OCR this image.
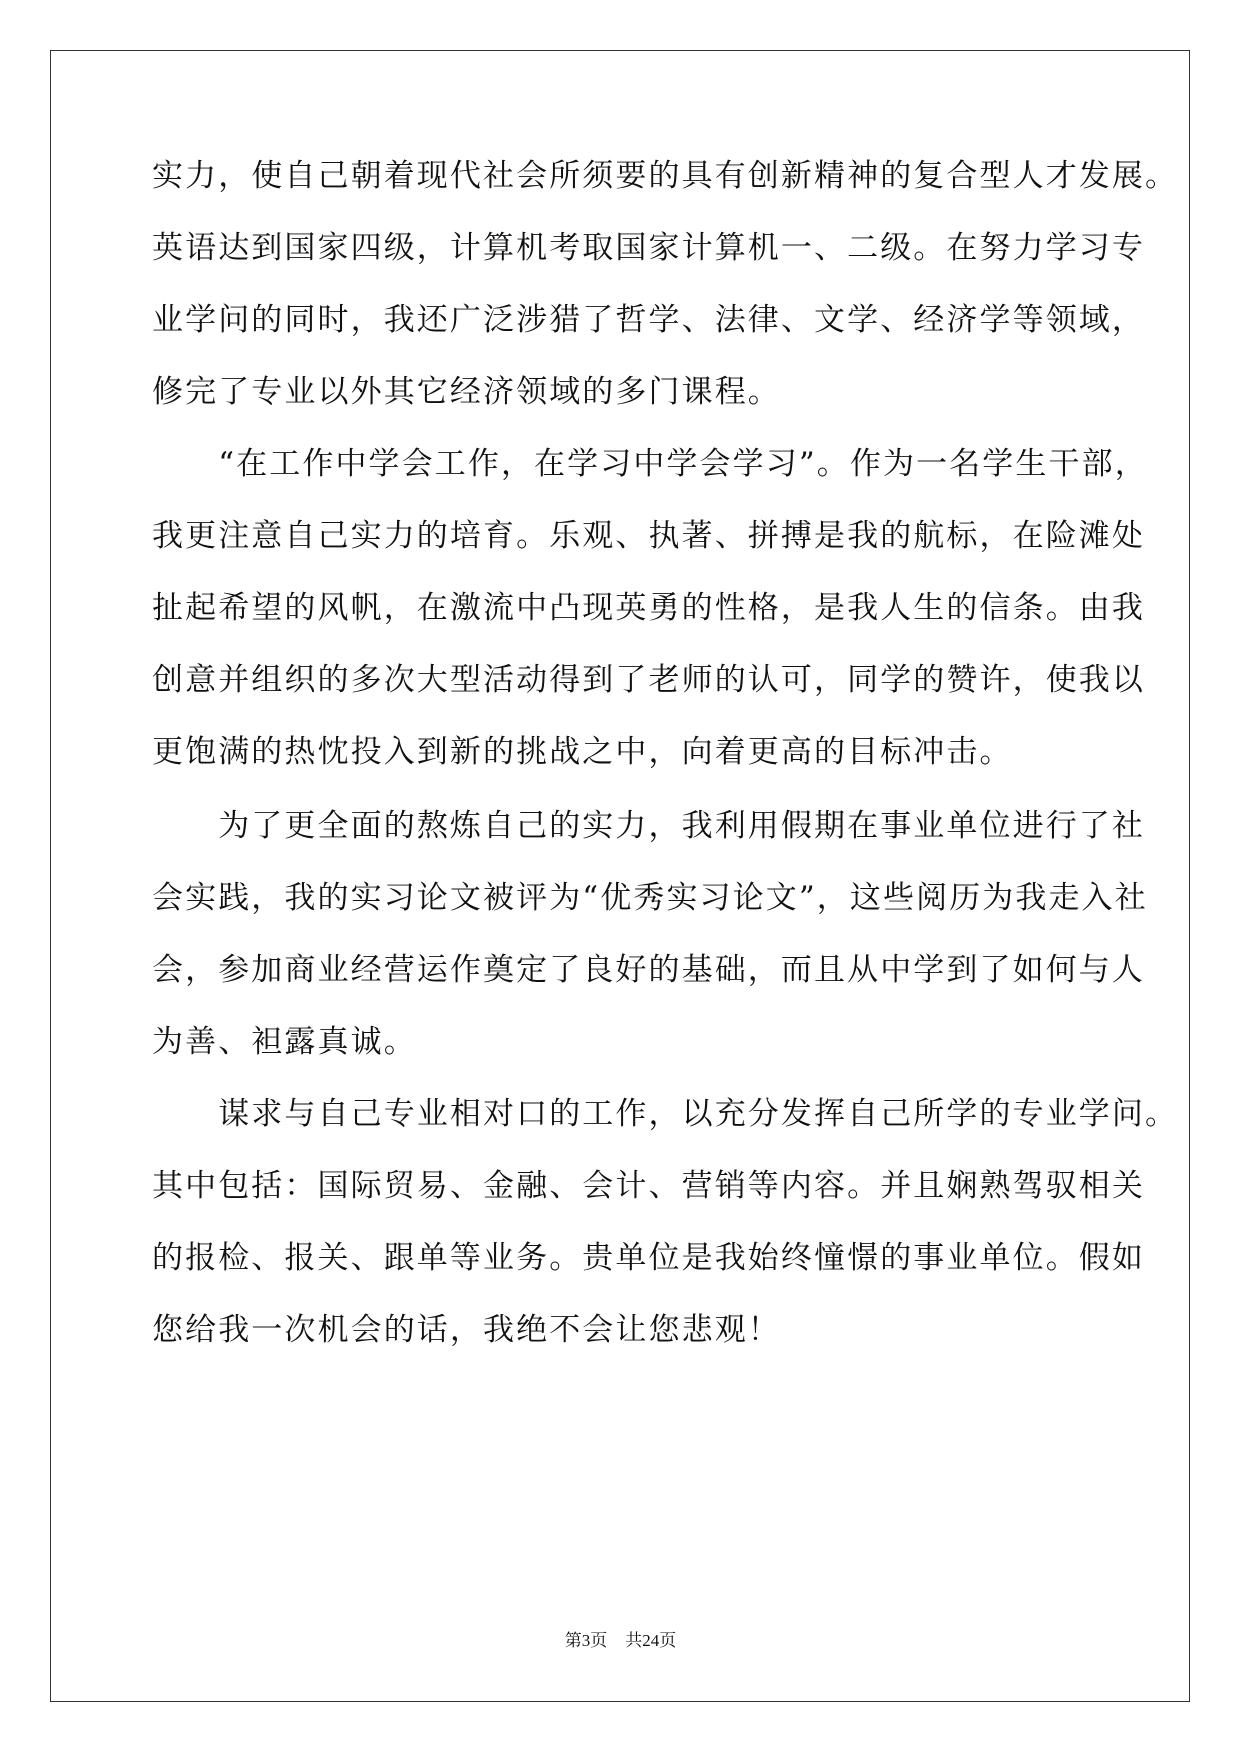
实力，使自己朝着现代社会所须要的具有创新精神的复合型人才发展。
英语达到国家四级，计算机考取国家计算机一、二级。在努力学习专
业学问的同时，我还广泛涉猎了哲学、法律、文学、经济学等领域，
修完了专业以外其它经济领域的多门课程。
　　“在工作中学会工作，在学习中学会学习”。作为一名学生干部，
我更注意自己实力的培育。乐观、执著、拼搏是我的航标，在险滩处
扯起希望的风帆，在激流中凸现英勇的性格，是我人生的信条。由我
创意并组织的多次大型活动得到了老师的认可，同学的赞许，使我以
更饱满的热忱投入到新的挑战之中，向着更高的目标冲击。
　　为了更全面的熬炼自己的实力，我利用假期在事业单位进行了社
会实践，我的实习论文被评为“优秀实习论文”，这些阅历为我走入社
会，参加商业经营运作奠定了良好的基础，而且从中学到了如何与人
为善、袒露真诚。
　　谋求与自己专业相对口的工作，以充分发挥自己所学的专业学问。
其中包括：国际贸易、金融、会计、营销等内容。并且娴熟驾驭相关
的报检、报关、跟单等业务。贵单位是我始终憧憬的事业单位。假如
您给我一次机会的话，我绝不会让您悲观！
第3页 共24页
